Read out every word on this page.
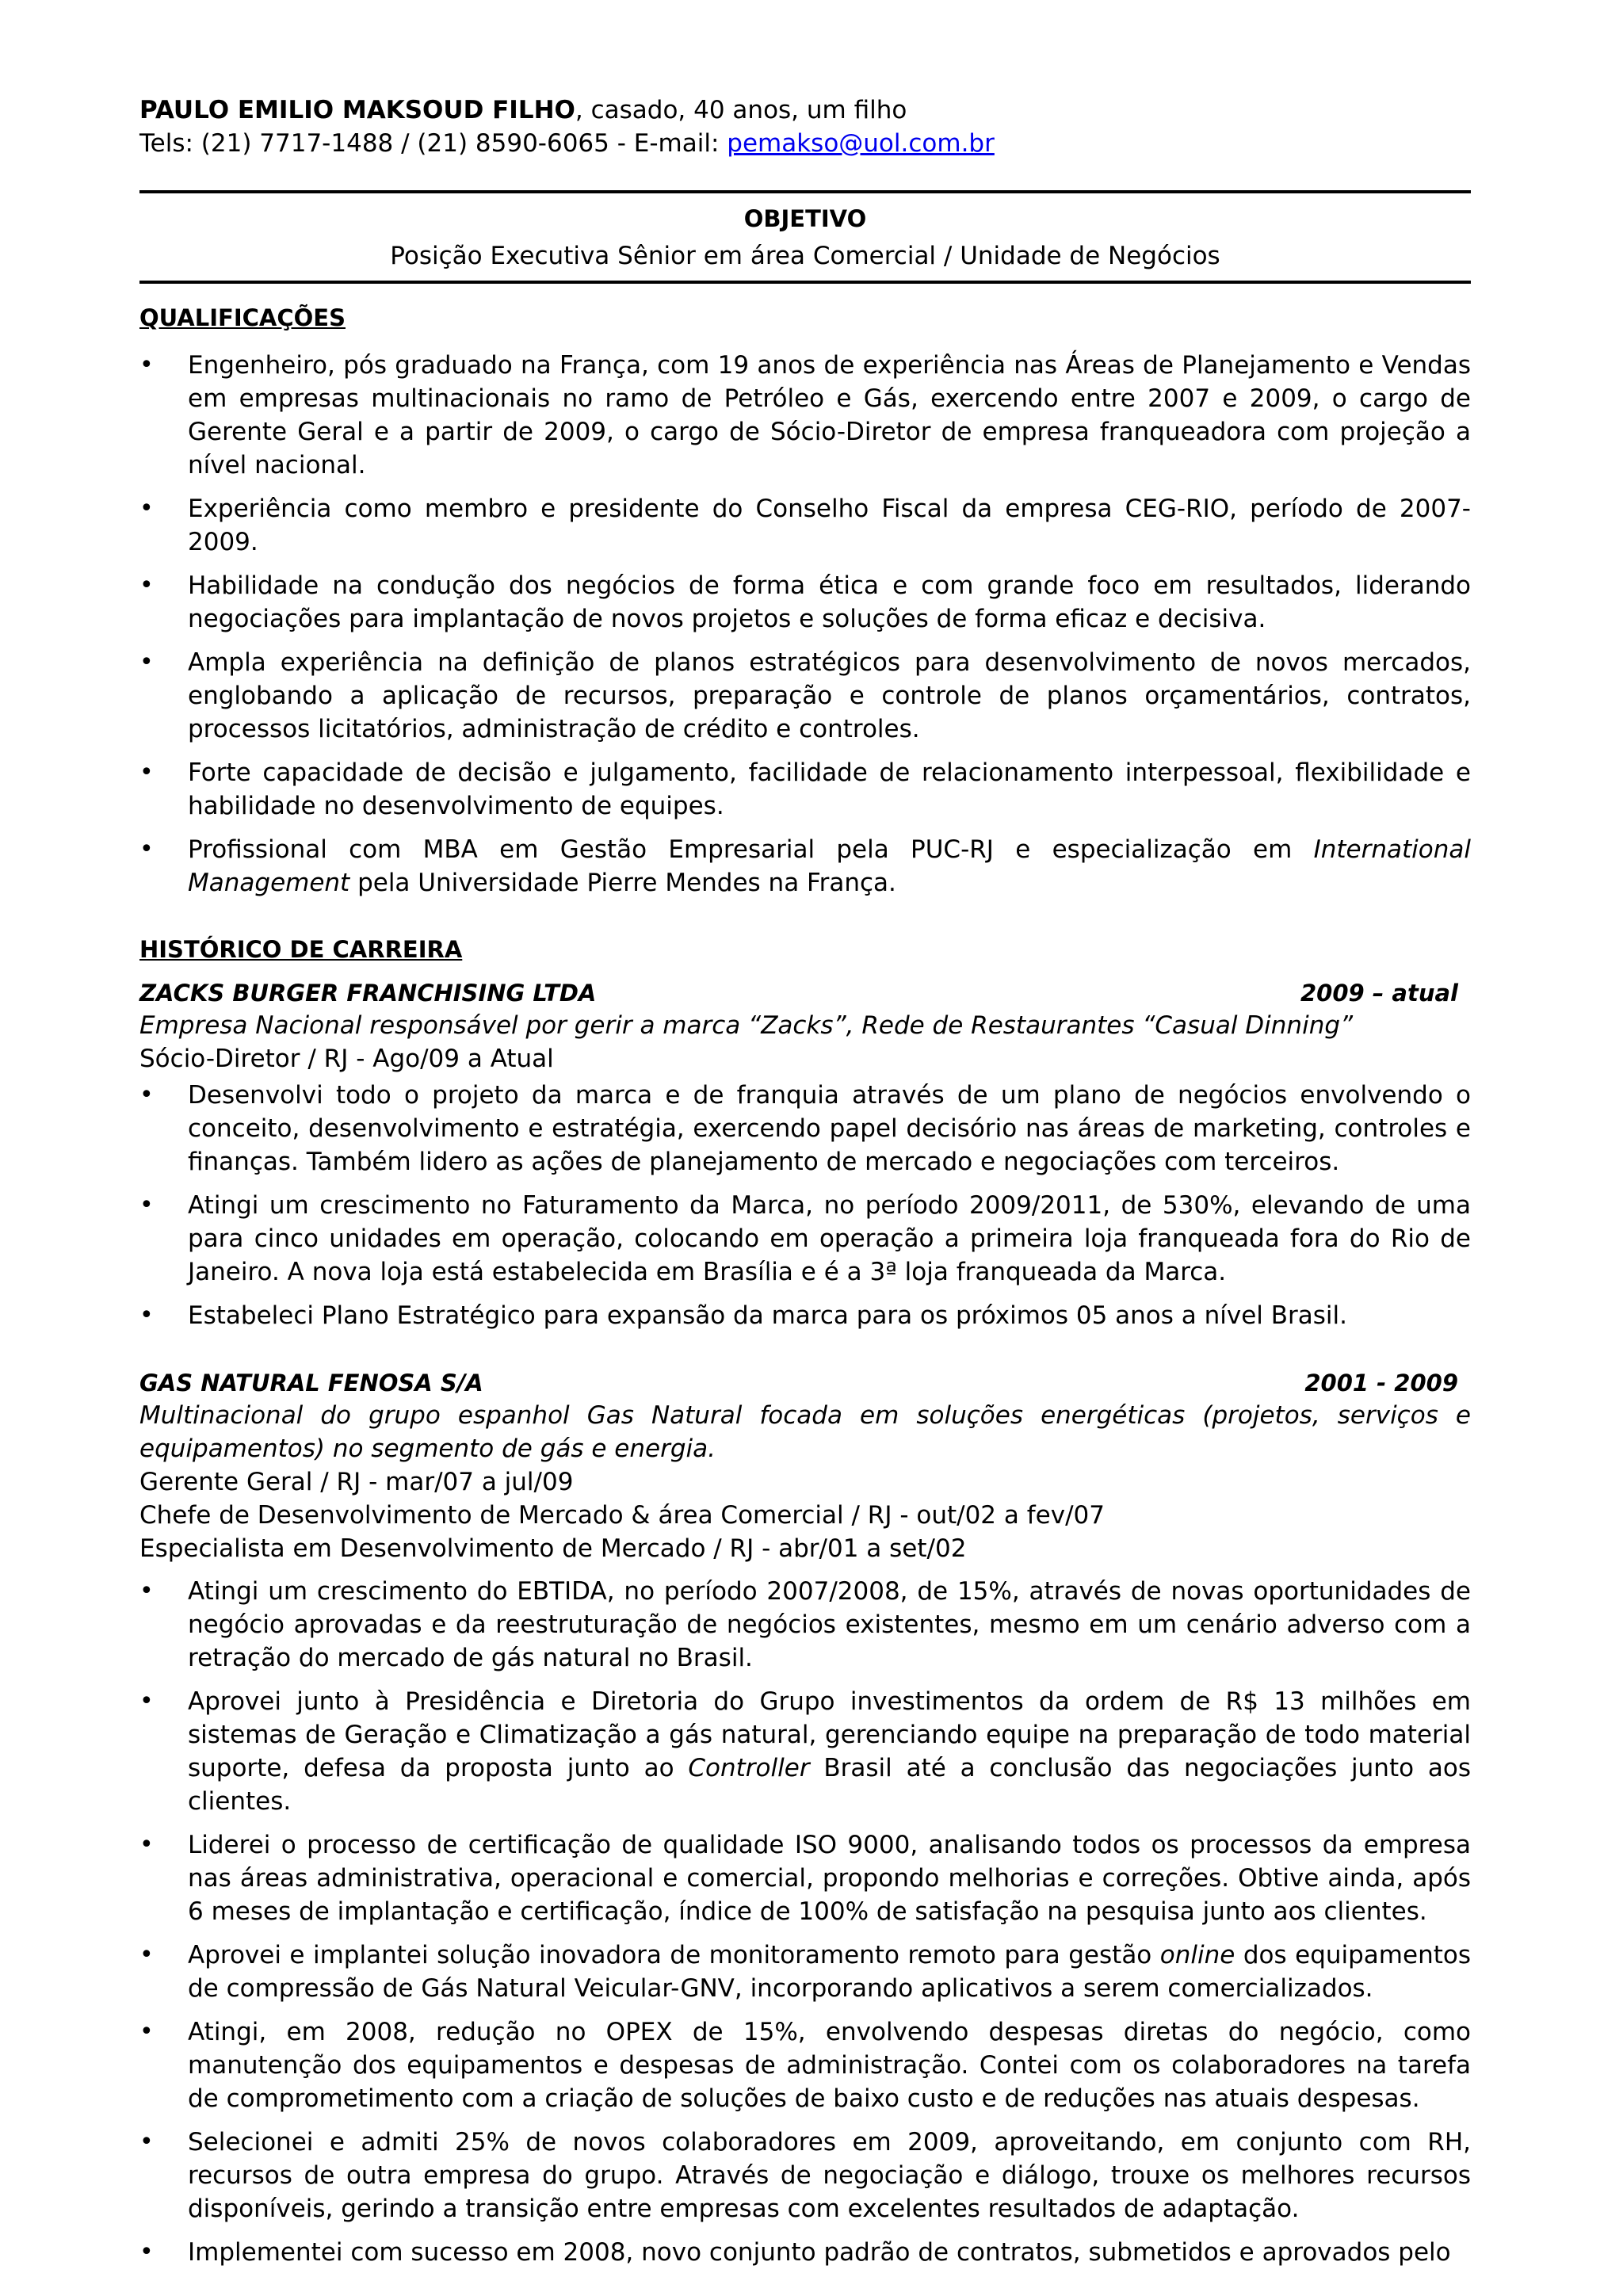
PAULO EMILIO MAKSOUD FILHO, casado, 40 anos, um filho

Tels: (21) 7717-1488 / (21) 8590-6065 - E-mail: pemakso@uol.com.br

OBJETIVO
Posição Executiva Sênior em área Comercial / Unidade de Negócios

QUALIFICAÇÕES

• Engenheiro, pós graduado na França, com 19 anos de experiência nas Áreas de Planejamento e Vendas em empresas multinacionais no ramo de Petróleo e Gás, exercendo entre 2007 e 2009, o cargo de Gerente Geral e a partir de 2009, o cargo de Sócio-Diretor de empresa franqueadora com projeção a nível nacional.
• Experiência como membro e presidente do Conselho Fiscal da empresa CEG-RIO, período de 2007-2009.
• Habilidade na condução dos negócios de forma ética e com grande foco em resultados, liderando negociações para implantação de novos projetos e soluções de forma eficaz e decisiva.
• Ampla experiência na definição de planos estratégicos para desenvolvimento de novos mercados, englobando a aplicação de recursos, preparação e controle de planos orçamentários, contratos, processos licitatórios, administração de crédito e controles.
• Forte capacidade de decisão e julgamento, facilidade de relacionamento interpessoal, flexibilidade e habilidade no desenvolvimento de equipes.
• Profissional com MBA em Gestão Empresarial pela PUC-RJ e especialização em International Management pela Universidade Pierre Mendes na França.

HISTÓRICO DE CARREIRA

ZACKS BURGER FRANCHISING LTDA	2009 – atual
Empresa Nacional responsável por gerir a marca “Zacks”, Rede de Restaurantes “Casual Dinning”

Sócio-Diretor / RJ - Ago/09 a Atual

• Desenvolvi todo o projeto da marca e de franquia através de um plano de negócios envolvendo o conceito, desenvolvimento e estratégia, exercendo papel decisório nas áreas de marketing, controles e finanças. Também lidero as ações de planejamento de mercado e negociações com terceiros.
• Atingi um crescimento no Faturamento da Marca, no período 2009/2011, de 530%, elevando de uma para cinco unidades em operação, colocando em operação a primeira loja franqueada fora do Rio de Janeiro. A nova loja está estabelecida em Brasília e é a 3ª loja franqueada da Marca.
• Estabeleci Plano Estratégico para expansão da marca para os próximos 05 anos a nível Brasil.
GAS NATURAL FENOSA S/A	2001 - 2009
Multinacional do grupo espanhol Gas Natural focada em soluções energéticas (projetos, serviços e equipamentos) no segmento de gás e energia.

Gerente Geral / RJ - mar/07 a jul/09

Chefe de Desenvolvimento de Mercado & área Comercial / RJ - out/02 a fev/07

Especialista em Desenvolvimento de Mercado / RJ - abr/01 a set/02

• Atingi um crescimento do EBTIDA, no período 2007/2008, de 15%, através de novas oportunidades de negócio aprovadas e da reestruturação de negócios existentes, mesmo em um cenário adverso com a retração do mercado de gás natural no Brasil.
• Aprovei junto à Presidência e Diretoria do Grupo investimentos da ordem de R$ 13 milhões em sistemas de Geração e Climatização a gás natural, gerenciando equipe na preparação de todo material suporte, defesa da proposta junto ao Controller Brasil até a conclusão das negociações junto aos clientes.
• Liderei o processo de certificação de qualidade ISO 9000, analisando todos os processos da empresa nas áreas administrativa, operacional e comercial, propondo melhorias e correções. Obtive ainda, após 6 meses de implantação e certificação, índice de 100% de satisfação na pesquisa junto aos clientes.
• Aprovei e implantei solução inovadora de monitoramento remoto para gestão online dos equipamentos de compressão de Gás Natural Veicular-GNV, incorporando aplicativos a serem comercializados.
• Atingi, em 2008, redução no OPEX de 15%, envolvendo despesas diretas do negócio, como manutenção dos equipamentos e despesas de administração. Contei com os colaboradores na tarefa de comprometimento com a criação de soluções de baixo custo e de reduções nas atuais despesas.
• Selecionei e admiti 25% de novos colaboradores em 2009, aproveitando, em conjunto com RH, recursos de outra empresa do grupo. Através de negociação e diálogo, trouxe os melhores recursos disponíveis, gerindo a transição entre empresas com excelentes resultados de adaptação.
• Implementei com sucesso em 2008, novo conjunto padrão de contratos, submetidos e aprovados pelo
